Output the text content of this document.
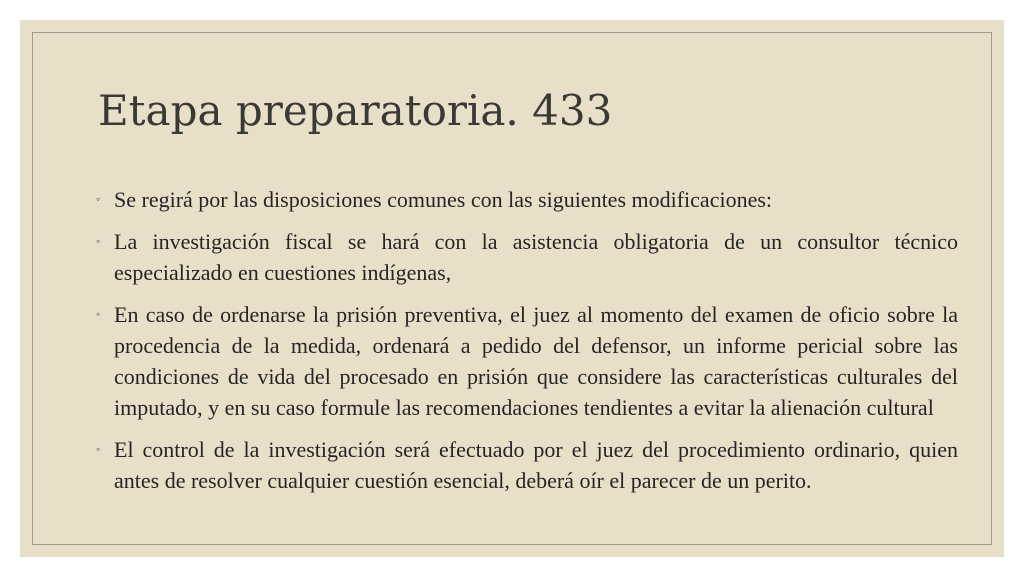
Etapa preparatoria. 433
◦ Se regirá por las disposiciones comunes con las siguientes modificaciones:
◦ La investigación fiscal se hará con la asistencia obligatoria de un consultor técnico especializado en cuestiones indígenas,
◦ En caso de ordenarse la prisión preventiva, el juez al momento del examen de oficio sobre la procedencia de la medida, ordenará a pedido del defensor, un informe pericial sobre las condiciones de vida del procesado en prisión que considere las características culturales del imputado, y en su caso formule las recomendaciones tendientes a evitar la alienación cultural
◦ El control de la investigación será efectuado por el juez del procedimiento ordinario, quien antes de resolver cualquier cuestión esencial, deberá oír el parecer de un perito.
